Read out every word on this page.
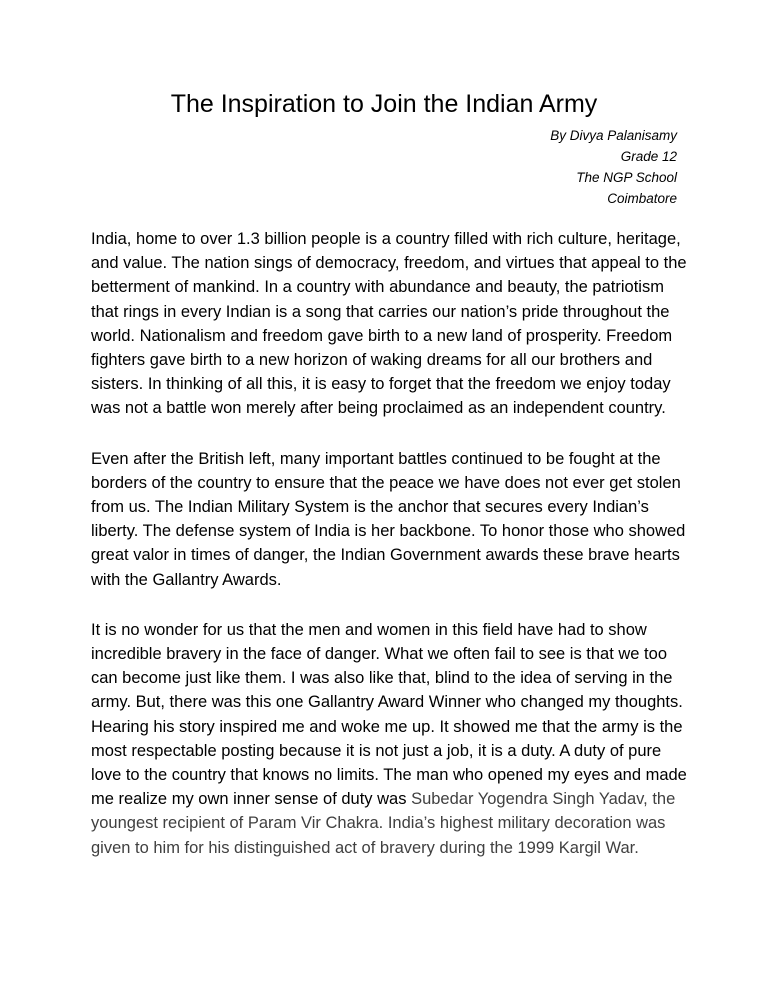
The Inspiration to Join the Indian Army
By Divya Palanisamy
Grade 12
The NGP School
Coimbatore

India, home to over 1.3 billion people is a country filled with rich culture, heritage, and value. The nation sings of democracy, freedom, and virtues that appeal to the betterment of mankind. In a country with abundance and beauty, the patriotism that rings in every Indian is a song that carries our nation’s pride throughout the world. Nationalism and freedom gave birth to a new land of prosperity. Freedom fighters gave birth to a new horizon of waking dreams for all our brothers and sisters. In thinking of all this, it is easy to forget that the freedom we enjoy today was not a battle won merely after being proclaimed as an independent country.

Even after the British left, many important battles continued to be fought at the borders of the country to ensure that the peace we have does not ever get stolen from us. The Indian Military System is the anchor that secures every Indian’s liberty. The defense system of India is her backbone. To honor those who showed great valor in times of danger, the Indian Government awards these brave hearts with the Gallantry Awards.

It is no wonder for us that the men and women in this field have had to show incredible bravery in the face of danger. What we often fail to see is that we too can become just like them. I was also like that, blind to the idea of serving in the army. But, there was this one Gallantry Award Winner who changed my thoughts. Hearing his story inspired me and woke me up. It showed me that the army is the most respectable posting because it is not just a job, it is a duty. A duty of pure love to the country that knows no limits. The man who opened my eyes and made me realize my own inner sense of duty was Subedar Yogendra Singh Yadav, the youngest recipient of Param Vir Chakra. India’s highest military decoration was given to him for his distinguished act of bravery during the 1999 Kargil War.
